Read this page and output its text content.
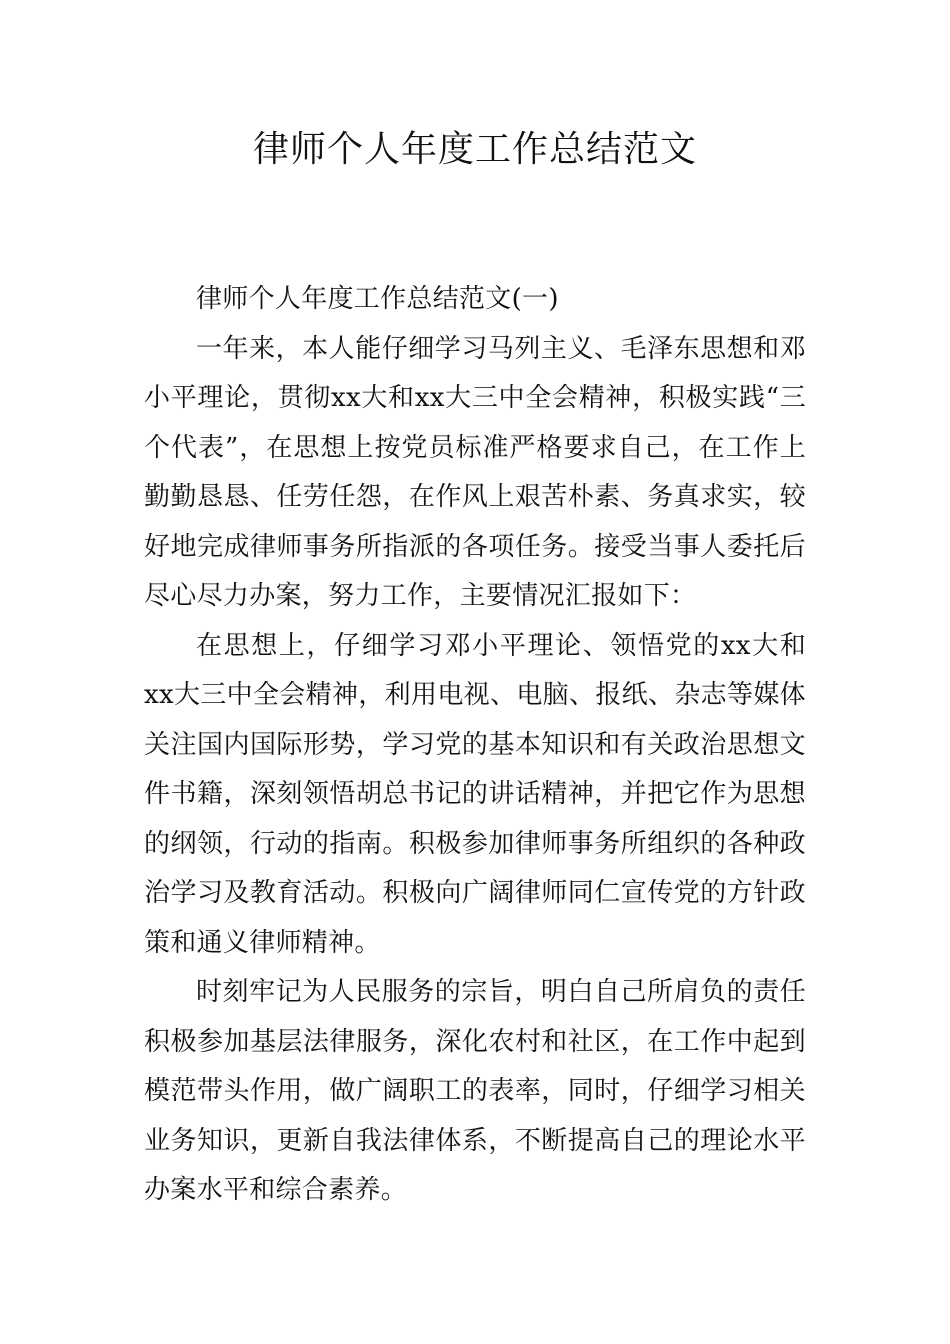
律师个人年度工作总结范文

律师个人年度工作总结范文(一)

一年来，本人能仔细学习马列主义、毛泽东思想和邓小平理论，贯彻xx大和xx大三中全会精神，积极实践“三个代表”，在思想上按党员标准严格要求自己，在工作上勤勤恳恳、任劳任怨，在作风上艰苦朴素、务真求实，较好地完成律师事务所指派的各项任务。接受当事人委托后尽心尽力办案，努力工作，主要情况汇报如下：

在思想上，仔细学习邓小平理论、领悟党的xx大和xx大三中全会精神，利用电视、电脑、报纸、杂志等媒体关注国内国际形势，学习党的基本知识和有关政治思想文件书籍，深刻领悟胡总书记的讲话精神，并把它作为思想的纲领，行动的指南。积极参加律师事务所组织的各种政治学习及教育活动。积极向广阔律师同仁宣传党的方针政策和通义律师精神。

时刻牢记为人民服务的宗旨，明白自己所肩负的责任积极参加基层法律服务，深化农村和社区，在工作中起到模范带头作用，做广阔职工的表率，同时，仔细学习相关业务知识，更新自我法律体系，不断提高自己的理论水平办案水平和综合素养。
